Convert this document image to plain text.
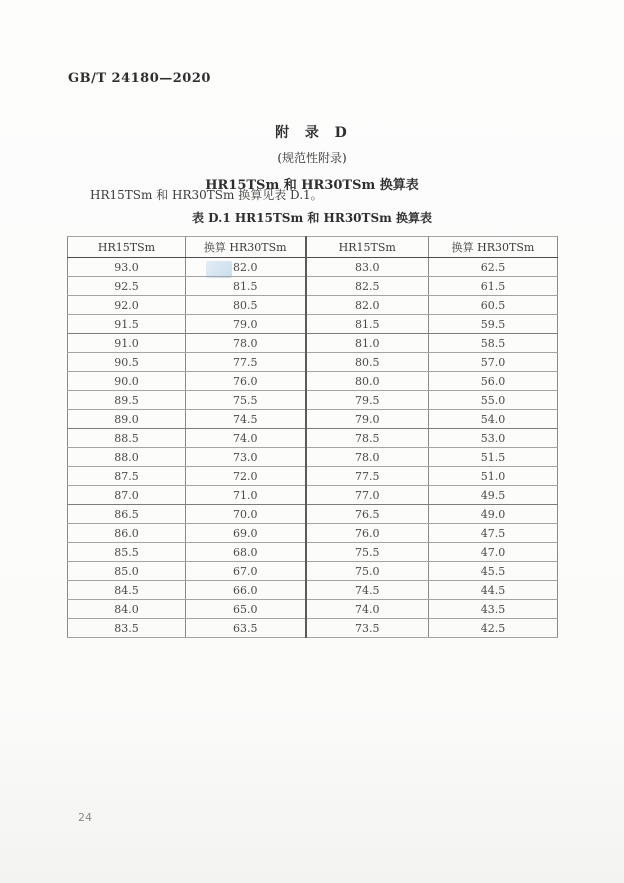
GB/T 24180—2020
附  录  D
(规范性附录)
HR15TSm 和 HR30TSm 换算表
HR15TSm 和 HR30TSm 换算见表 D.1。
表 D.1 HR15TSm 和 HR30TSm 换算表
HR15TSm	换算 HR30TSm	HR15TSm	换算 HR30TSm
93.0	82.0	83.0	62.5
92.5	81.5	82.5	61.5
92.0	80.5	82.0	60.5
91.5	79.0	81.5	59.5
91.0	78.0	81.0	58.5
90.5	77.5	80.5	57.0
90.0	76.0	80.0	56.0
89.5	75.5	79.5	55.0
89.0	74.5	79.0	54.0
88.5	74.0	78.5	53.0
88.0	73.0	78.0	51.5
87.5	72.0	77.5	51.0
87.0	71.0	77.0	49.5
86.5	70.0	76.5	49.0
86.0	69.0	76.0	47.5
85.5	68.0	75.5	47.0
85.0	67.0	75.0	45.5
84.5	66.0	74.5	44.5
84.0	65.0	74.0	43.5
83.5	63.5	73.5	42.5
24
